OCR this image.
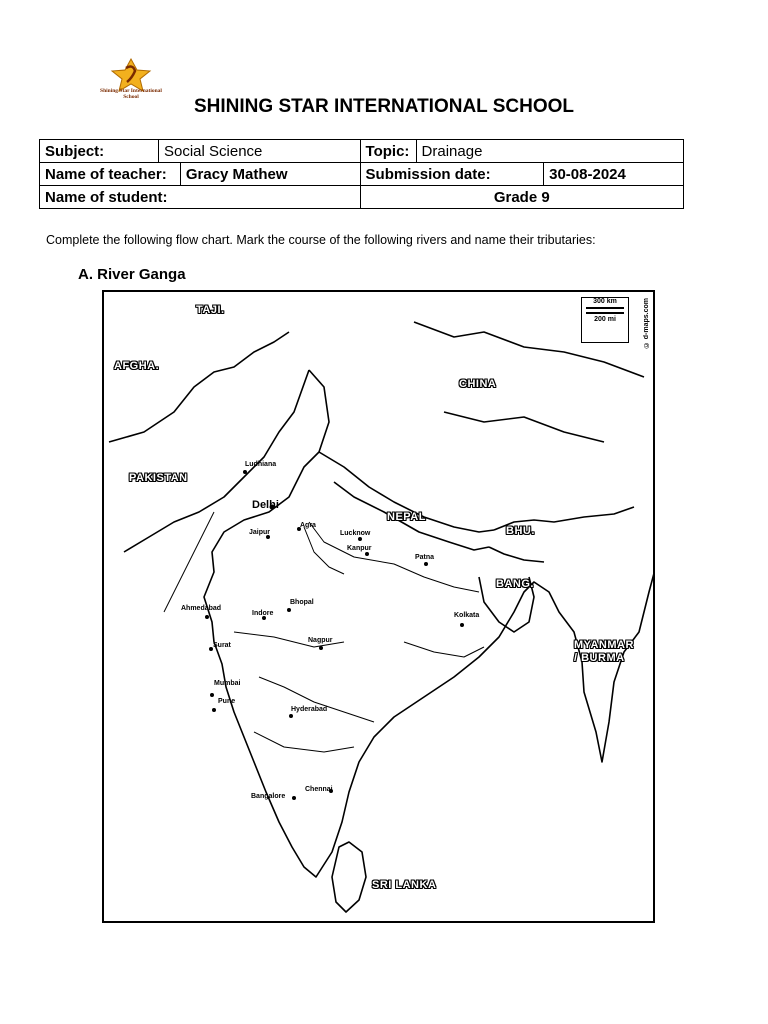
Shining Star International School	SHINING STAR INTERNATIONAL SCHOOL
Subject:	Social Science		Topic:	Drainage	
Name of teacher:		Gracy Mathew	Submission date:		30-08-2024
Name of student:			Grade 9		
Complete the following flow chart. Mark the course of the following rivers and name their tributaries:
A. River Ganga
TAJI.
AFGHA.
CHINA
PAKISTAN
NEPAL
BHU.
BANG.
MYANMAR
/ BURMA
SRI LANKA
Ludhiana
Delhi
Jaipur
Agra
Lucknow
Kanpur
Patna
Ahmedabad
Indore
Bhopal
Kolkata
Surat
Nagpur
Mumbai
Pune
Hyderabad
Bangalore
Chennai
300 km
200 mi	© d-maps.com
